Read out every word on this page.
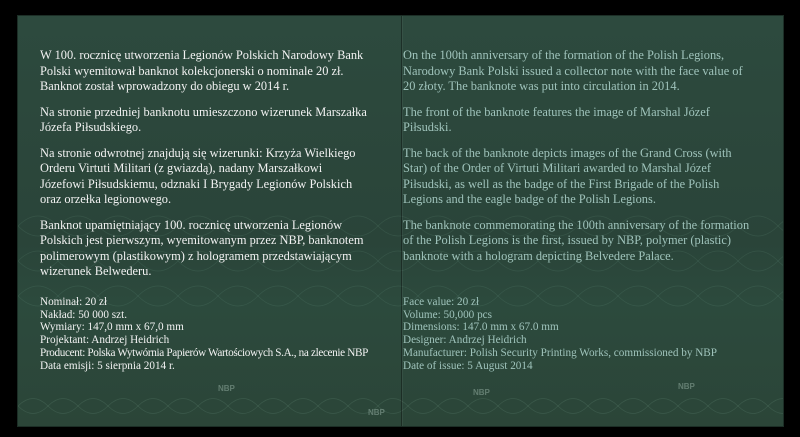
NBP	NBP
NBP
NBP

W 100. rocznicę utworzenia Legionów Polskich Narodowy Bank Polski wyemitował banknot kolekcjonerski o nominale 20 zł. Banknot został wprowadzony do obiegu w 2014 r.

Na stronie przedniej banknotu umieszczono wizerunek Marszałka Józefa Piłsudskiego.

Na stronie odwrotnej znajdują się wizerunki: Krzyża Wielkiego Orderu Virtuti Militari (z gwiazdą), nadany Marszałkowi Józefowi Piłsudskiemu, odznaki I Brygady Legionów Polskich oraz orzełka legionowego.

Banknot upamiętniający 100. rocznicę utworzenia Legionów Polskich jest pierwszym, wyemitowanym przez NBP, banknotem polimerowym (plastikowym) z hologramem przedstawiającym wizerunek Belwederu.

On the 100th anniversary of the formation of the Polish Legions, Narodowy Bank Polski issued a collector note with the face value of 20 złoty. The banknote was put into circulation in 2014.

The front of the banknote features the image of Marshal Józef Piłsudski.

The back of the banknote depicts images of the Grand Cross (with Star) of the Order of Virtuti Militari awarded to Marshal Józef Piłsudski, as well as the badge of the First Brigade of the Polish Legions and the eagle badge of the Polish Legions.

The banknote commemorating the 100th anniversary of the formation of the Polish Legions is the first, issued by NBP, polymer (plastic) banknote with a hologram depicting Belvedere Palace.

Nominał: 20 zł
Nakład: 50 000 szt.
Wymiary: 147,0 mm x 67,0 mm
Projektant: Andrzej Heidrich
Producent: Polska Wytwórnia Papierów Wartościowych S.A., na zlecenie NBP
Data emisji: 5 sierpnia 2014 r.
Face value: 20 zł
Volume: 50,000 pcs
Dimensions: 147.0 mm x 67.0 mm
Designer: Andrzej Heidrich
Manufacturer: Polish Security Printing Works, commissioned by NBP
Date of issue: 5 August 2014
